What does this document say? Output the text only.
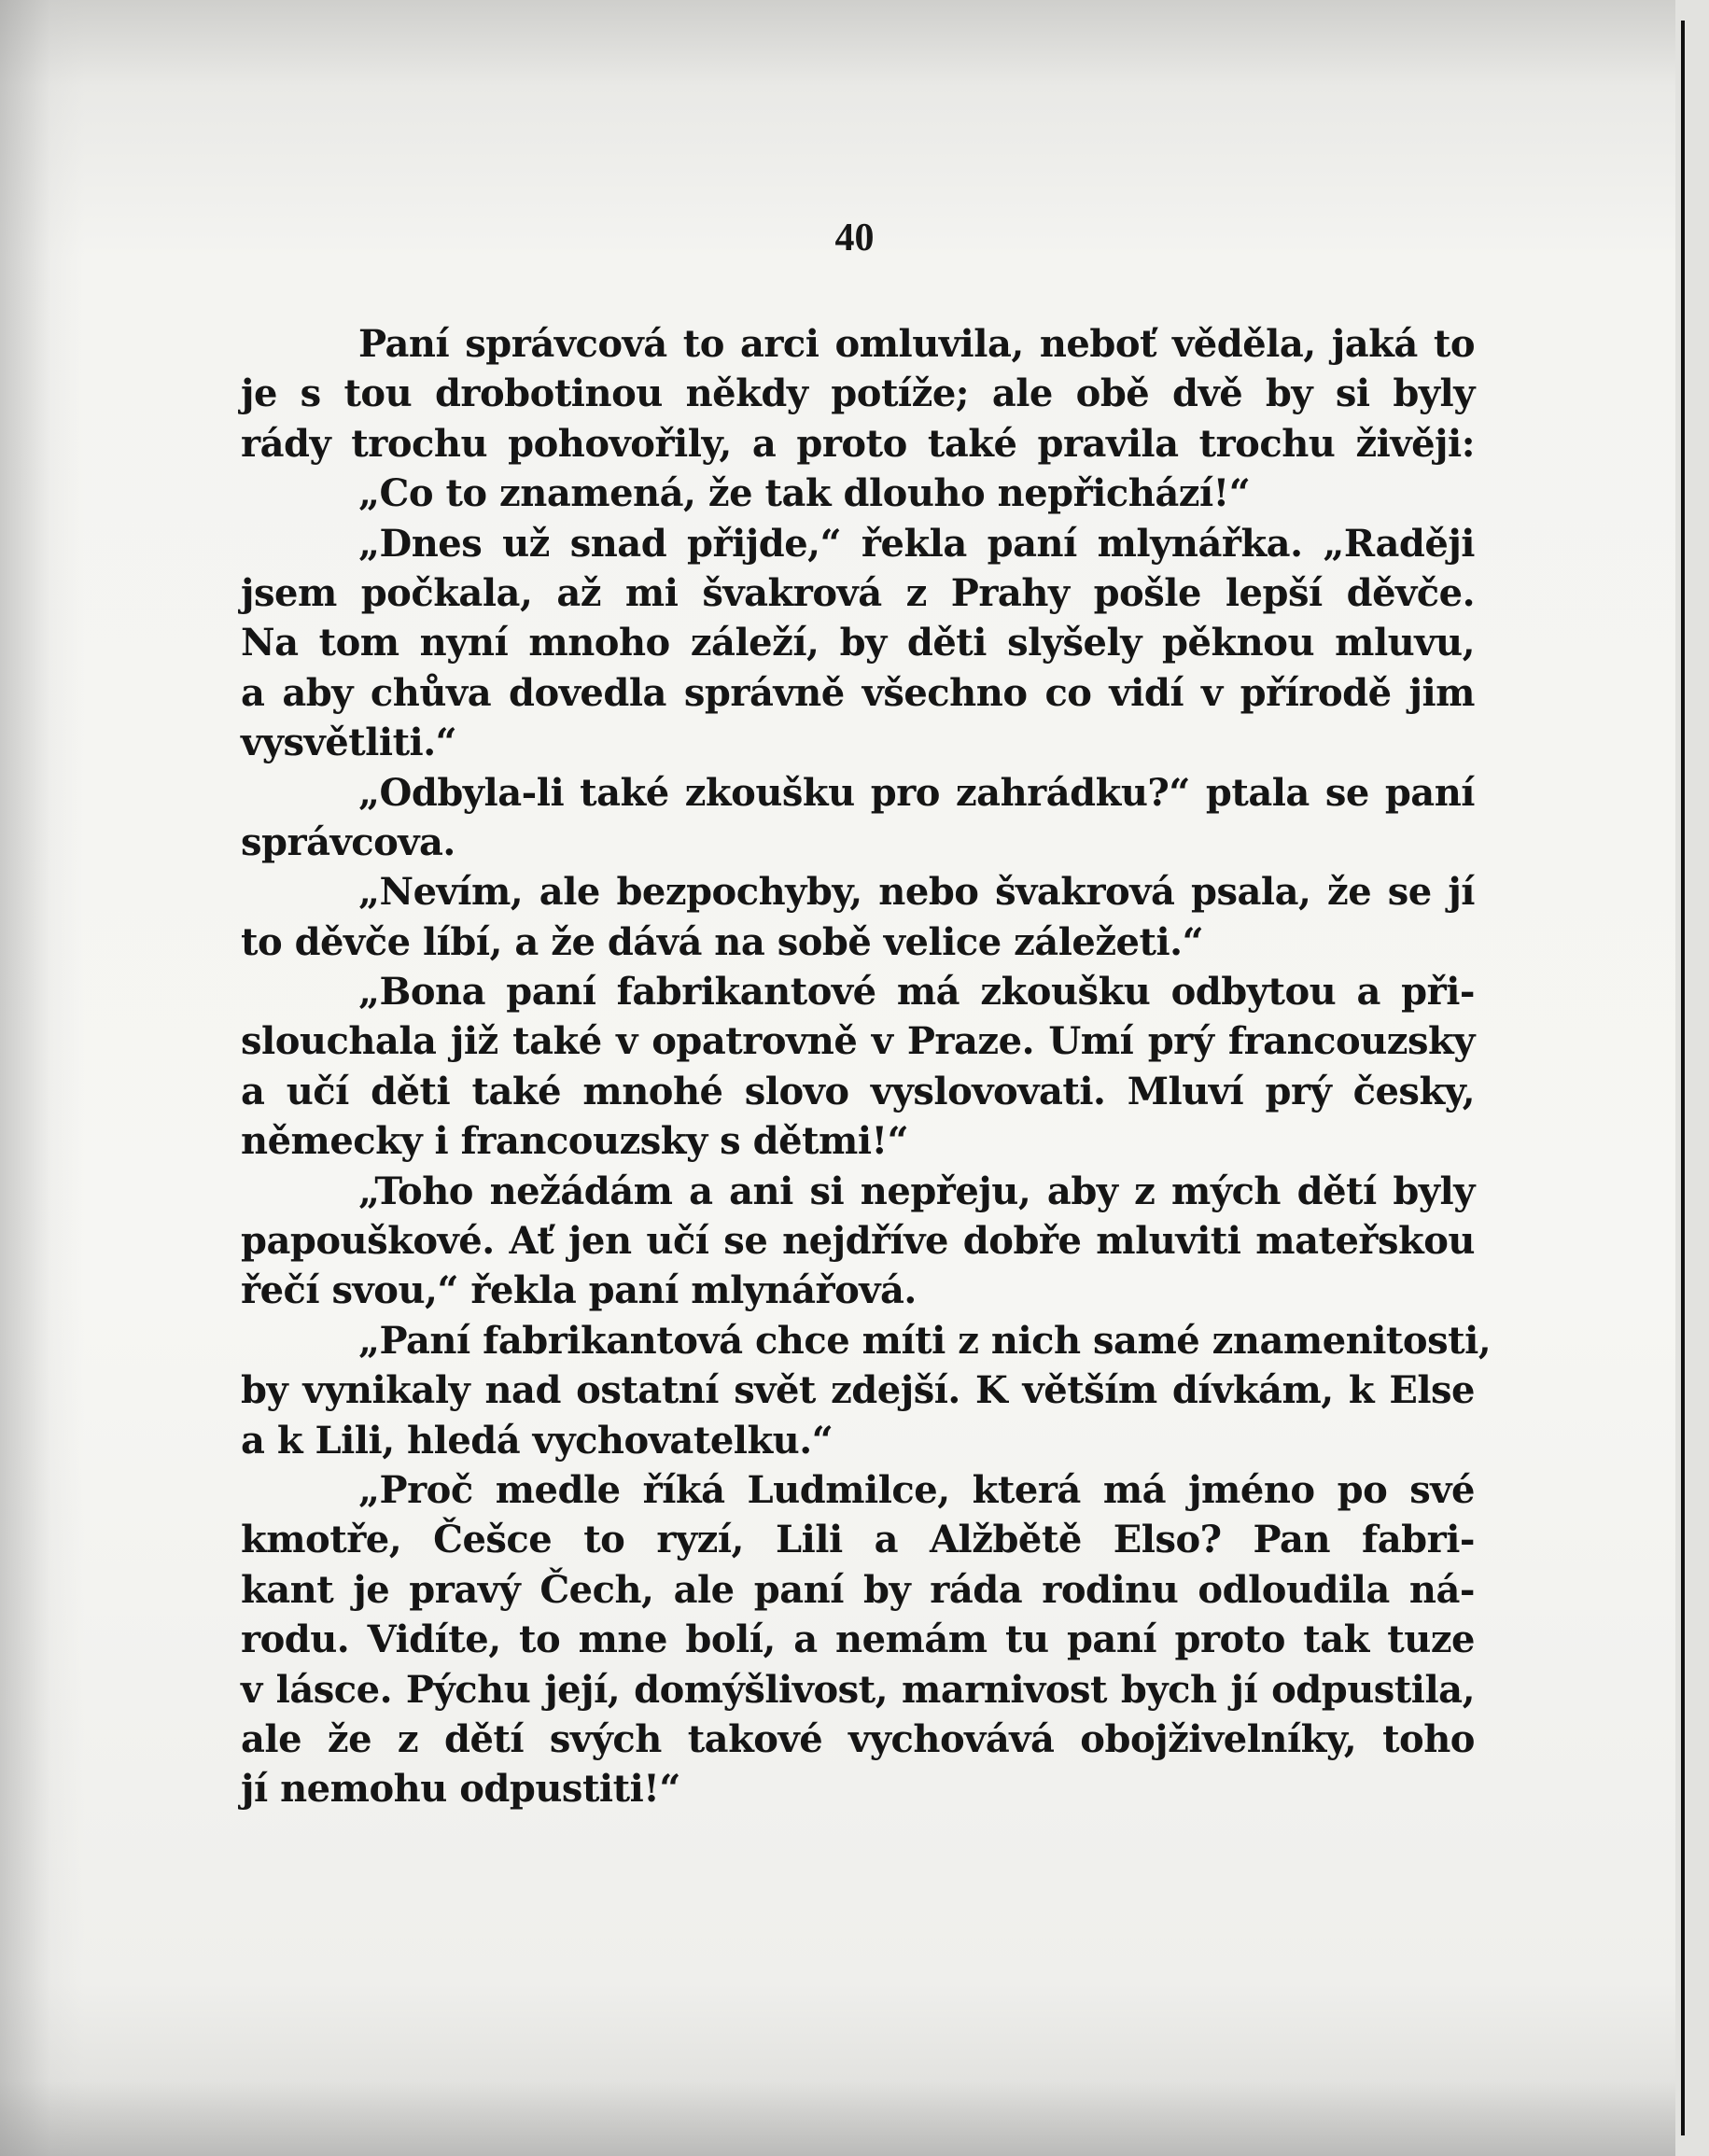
40
Paní správcová to arci omluvila, neboť věděla, jaká to
je s tou drobotinou někdy potíže; ale obě dvě by si byly
rády trochu pohovořily, a proto také pravila trochu živěji:
„Co to znamená, že tak dlouho nepřichází!“
„Dnes už snad přijde,“ řekla paní mlynářka. „Raději
jsem počkala, až mi švakrová z Prahy pošle lepší děvče.
Na tom nyní mnoho záleží, by děti slyšely pěknou mluvu,
a aby chůva dovedla správně všechno co vidí v přírodě jim
vysvětliti.“
„Odbyla-li také zkoušku pro zahrádku?“ ptala se paní
správcova.
„Nevím, ale bezpochyby, nebo švakrová psala, že se jí
to děvče líbí, a že dává na sobě velice záležeti.“
„Bona paní fabrikantové má zkoušku odbytou a při-
slouchala již také v opatrovně v Praze. Umí prý francouzsky
a učí děti také mnohé slovo vyslovovati. Mluví prý česky,
německy i francouzsky s dětmi!“
„Toho nežádám a ani si nepřeju, aby z mých dětí byly
papouškové. Ať jen učí se nejdříve dobře mluviti mateřskou
řečí svou,“ řekla paní mlynářová.
„Paní fabrikantová chce míti z nich samé znamenitosti,
by vynikaly nad ostatní svět zdejší. K větším dívkám, k Else
a k Lili, hledá vychovatelku.“
„Proč medle říká Ludmilce, která má jméno po své
kmotře, Češce to ryzí, Lili a Alžbětě Elso? Pan fabri-
kant je pravý Čech, ale paní by ráda rodinu odloudila ná-
rodu. Vidíte, to mne bolí, a nemám tu paní proto tak tuze
v lásce. Pýchu její, domýšlivost, marnivost bych jí odpustila,
ale že z dětí svých takové vychovává obojživelníky, toho
jí nemohu odpustiti!“
